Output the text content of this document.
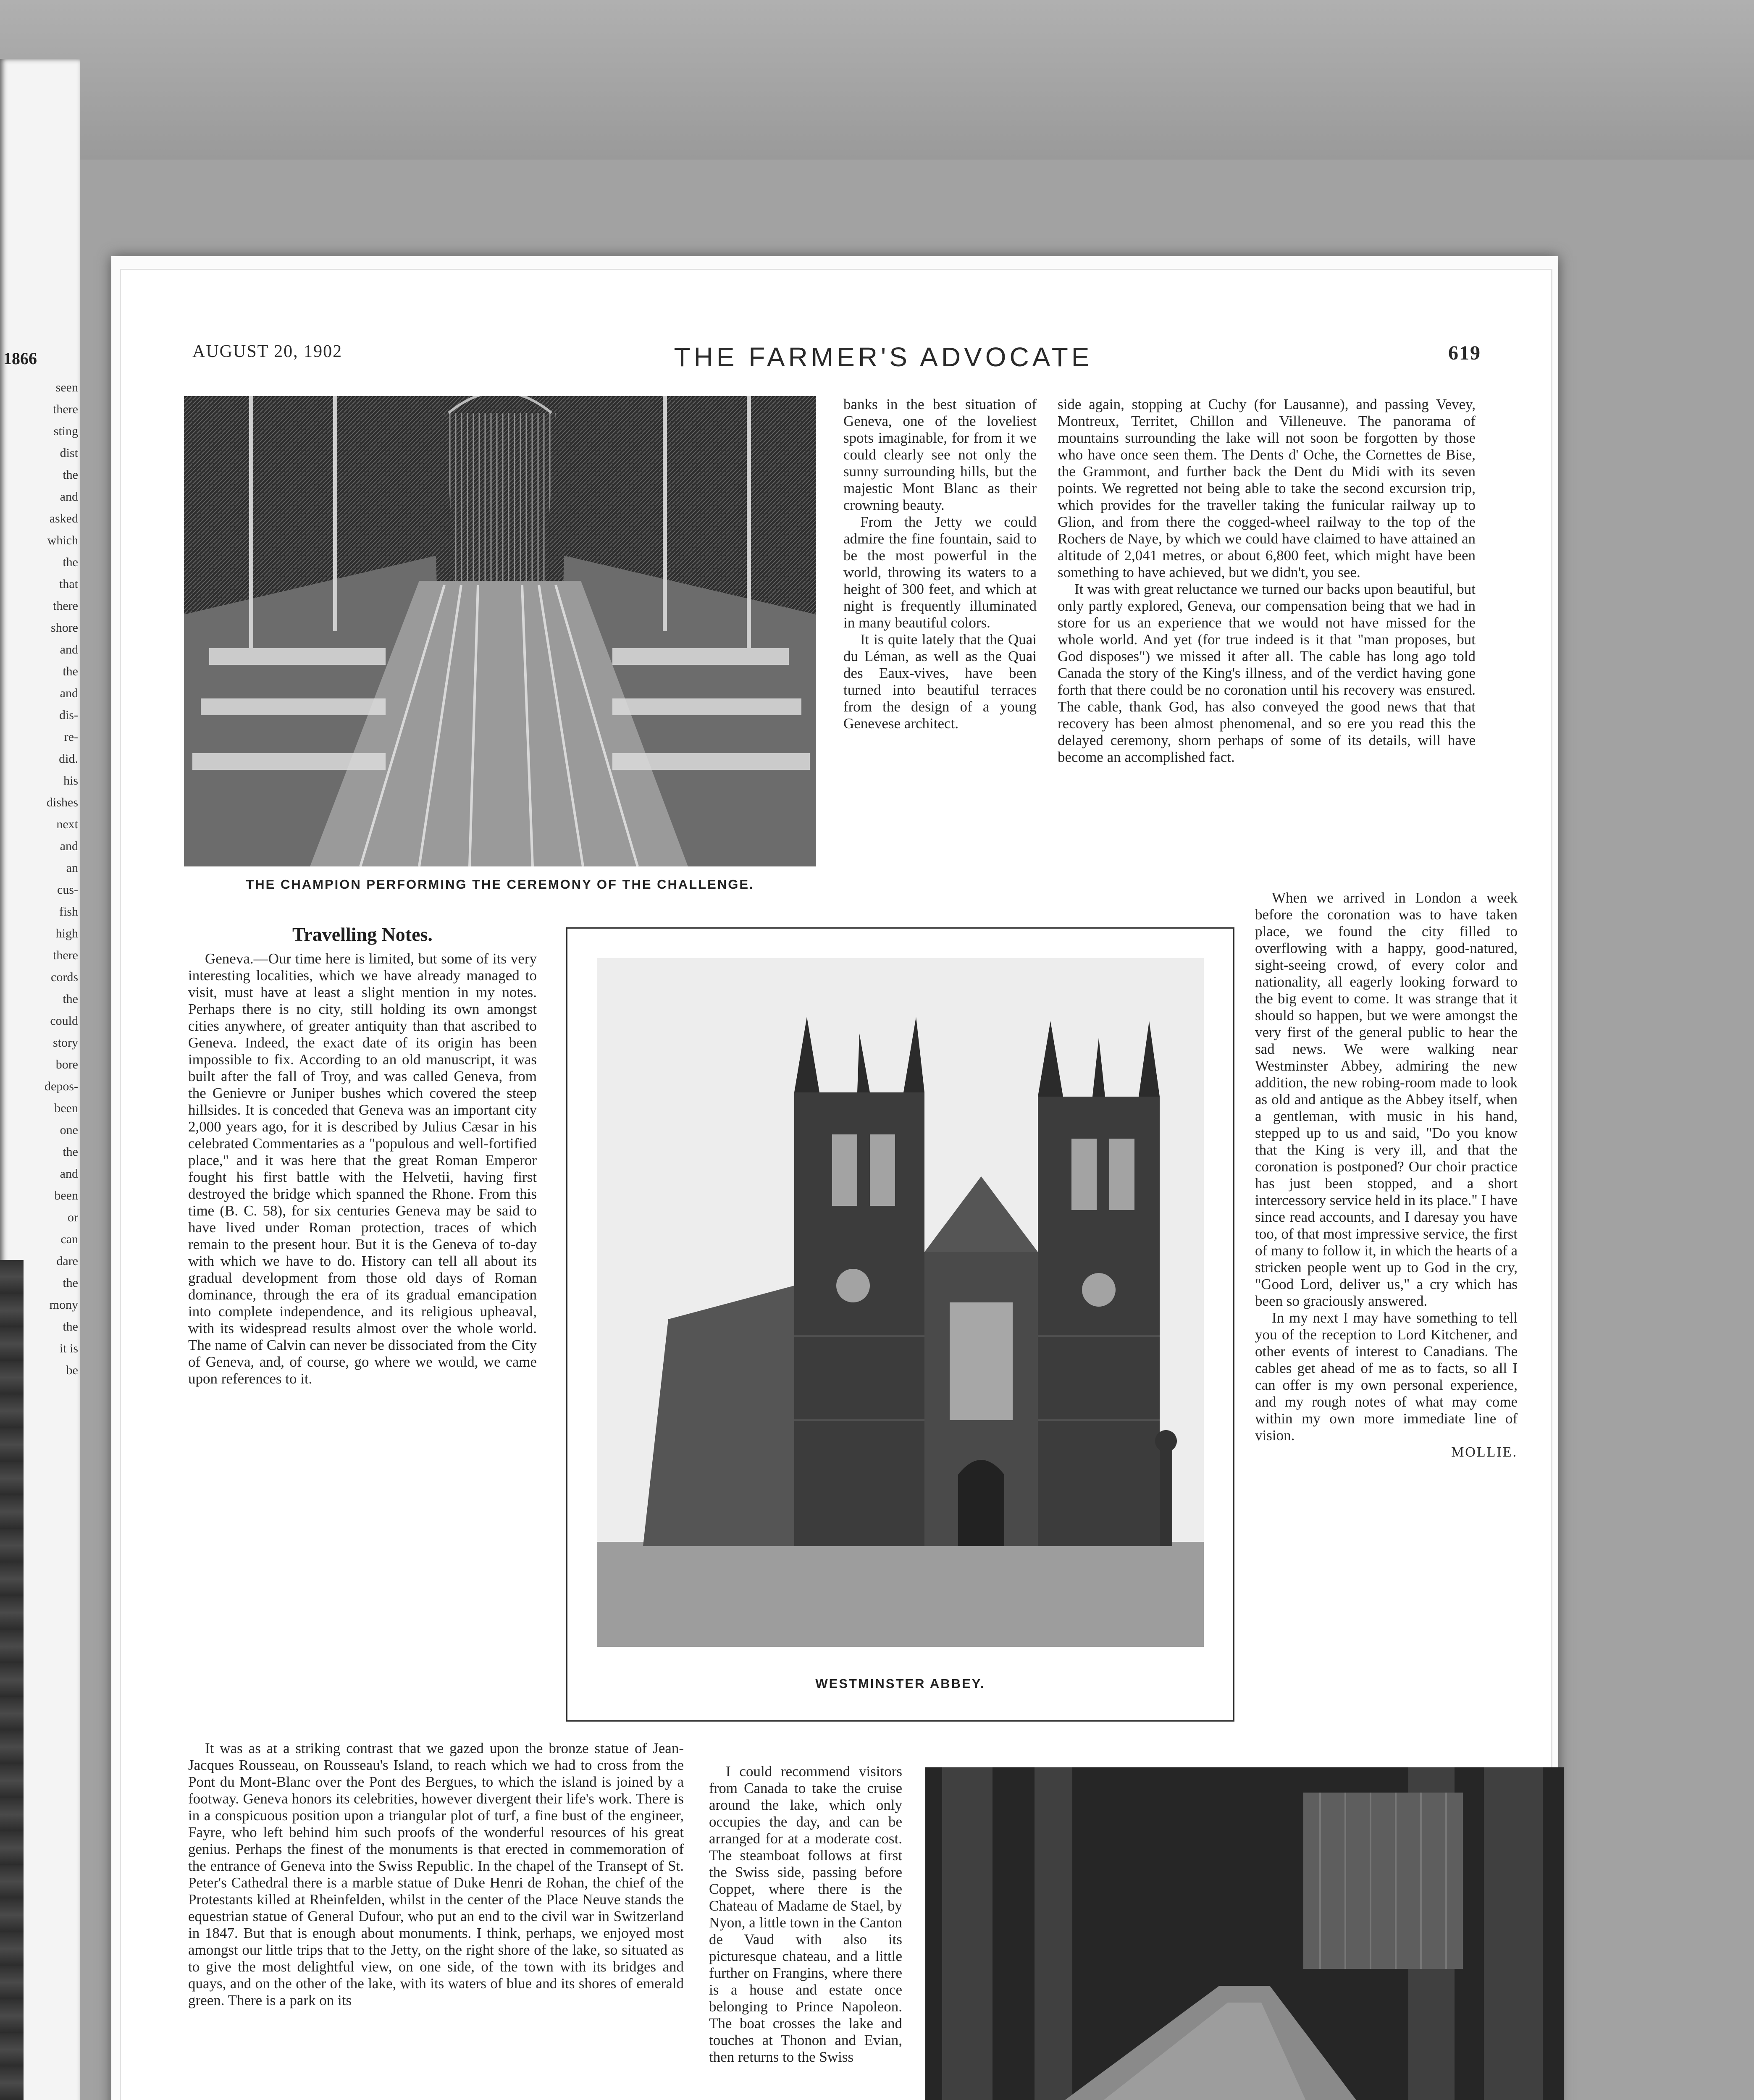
1866
seen
there
sting
dist
the
and
asked
which
the
that
there
shore
and
the
and
dis-
re-
did.
his
dishes
next
and
an
cus-
fish
high
there
cords
the
could
story
bore
depos-
been
one
the
and
been
or
can
dare
the
mony
the
it is
be
AUGUST 20, 1902	THE FARMER'S ADVOCATE	619
THE CHAMPION PERFORMING THE CEREMONY OF THE CHALLENGE.

banks in the best situation of Geneva, one of the loveliest spots imaginable, for from it we could clearly see not only the sunny surrounding hills, but the majestic Mont Blanc as their crowning beauty.

From the Jetty we could admire the fine fountain, said to be the most powerful in the world, throwing its waters to a height of 300 feet, and which at night is frequently illuminated in many beautiful colors.

It is quite lately that the Quai du Léman, as well as the Quai des Eaux-vives, have been turned into beautiful terraces from the design of a young Genevese architect.

side again, stopping at Cuchy (for Lausanne), and passing Vevey, Montreux, Territet, Chillon and Villeneuve. The panorama of mountains surrounding the lake will not soon be forgotten by those who have once seen them. The Dents d' Oche, the Cornettes de Bise, the Grammont, and further back the Dent du Midi with its seven points. We regretted not being able to take the second excursion trip, which provides for the traveller taking the funicular railway up to Glion, and from there the cogged-wheel railway to the top of the Rochers de Naye, by which we could have claimed to have attained an altitude of 2,041 metres, or about 6,800 feet, which might have been something to have achieved, but we didn't, you see.

It was with great reluctance we turned our backs upon beautiful, but only partly explored, Geneva, our compensation being that we had in store for us an experience that we would not have missed for the whole world. And yet (for true indeed is it that "man proposes, but God disposes") we missed it after all. The cable has long ago told Canada the story of the King's illness, and of the verdict having gone forth that there could be no coronation until his recovery was ensured. The cable, thank God, has also conveyed the good news that that recovery has been almost phenomenal, and so ere you read this the delayed ceremony, shorn perhaps of some of its details, will have become an accomplished fact.

Travelling Notes.

Geneva.—Our time here is limited, but some of its very interesting localities, which we have already managed to visit, must have at least a slight mention in my notes. Perhaps there is no city, still holding its own amongst cities anywhere, of greater antiquity than that ascribed to Geneva. Indeed, the exact date of its origin has been impossible to fix. According to an old manuscript, it was built after the fall of Troy, and was called Geneva, from the Genievre or Juniper bushes which covered the steep hillsides. It is conceded that Geneva was an important city 2,000 years ago, for it is described by Julius Cæsar in his celebrated Commentaries as a "populous and well-fortified place," and it was here that the great Roman Emperor fought his first battle with the Helvetii, having first destroyed the bridge which spanned the Rhone. From this time (B. C. 58), for six centuries Geneva may be said to have lived under Roman protection, traces of which remain to the present hour. But it is the Geneva of to-day with which we have to do. History can tell all about its gradual development from those old days of Roman dominance, through the era of its gradual emancipation into complete independence, and its religious upheaval, with its widespread results almost over the whole world. The name of Calvin can never be dissociated from the City of Geneva, and, of course, go where we would, we came upon references to it.

WESTMINSTER ABBEY.

When we arrived in London a week before the coronation was to have taken place, we found the city filled to overflowing with a happy, good-natured, sight-seeing crowd, of every color and nationality, all eagerly looking forward to the big event to come. It was strange that it should so happen, but we were amongst the very first of the general public to hear the sad news. We were walking near Westminster Abbey, admiring the new addition, the new robing-room made to look as old and antique as the Abbey itself, when a gentleman, with music in his hand, stepped up to us and said, "Do you know that the King is very ill, and that the coronation is postponed? Our choir practice has just been stopped, and a short intercessory service held in its place." I have since read accounts, and I daresay you have too, of that most impressive service, the first of many to follow it, in which the hearts of a stricken people went up to God in the cry, "Good Lord, deliver us," a cry which has been so graciously answered.

In my next I may have something to tell you of the reception to Lord Kitchener, and other events of interest to Canadians. The cables get ahead of me as to facts, so all I can offer is my own personal experience, and my rough notes of what may come within my own more immediate line of vision.

MOLLIE.

It was as at a striking contrast that we gazed upon the bronze statue of Jean-Jacques Rousseau, on Rousseau's Island, to reach which we had to cross from the Pont du Mont-Blanc over the Pont des Bergues, to which the island is joined by a footway. Geneva honors its celebrities, however divergent their life's work. There is in a conspicuous position upon a triangular plot of turf, a fine bust of the engineer, Fayre, who left behind him such proofs of the wonderful resources of his great genius. Perhaps the finest of the monuments is that erected in commemoration of the entrance of Geneva into the Swiss Republic. In the chapel of the Transept of St. Peter's Cathedral there is a marble statue of Duke Henri de Rohan, the chief of the Protestants killed at Rheinfelden, whilst in the center of the Place Neuve stands the equestrian statue of General Dufour, who put an end to the civil war in Switzerland in 1847. But that is enough about monuments. I think, perhaps, we enjoyed most amongst our little trips that to the Jetty, on the right shore of the lake, so situated as to give the most delightful view, on one side, of the town with its bridges and quays, and on the other of the lake, with its waters of blue and its shores of emerald green. There is a park on its

I could recommend visitors from Canada to take the cruise around the lake, which only occupies the day, and can be arranged for at a moderate cost. The steamboat follows at first the Swiss side, passing before Coppet, where there is the Chateau of Madame de Stael, by Nyon, a little town in the Canton de Vaud with also its picturesque chateau, and a little further on Frangins, where there is a house and estate once belonging to Prince Napoleon. The boat crosses the lake and touches at Thonon and Evian, then returns to the Swiss
